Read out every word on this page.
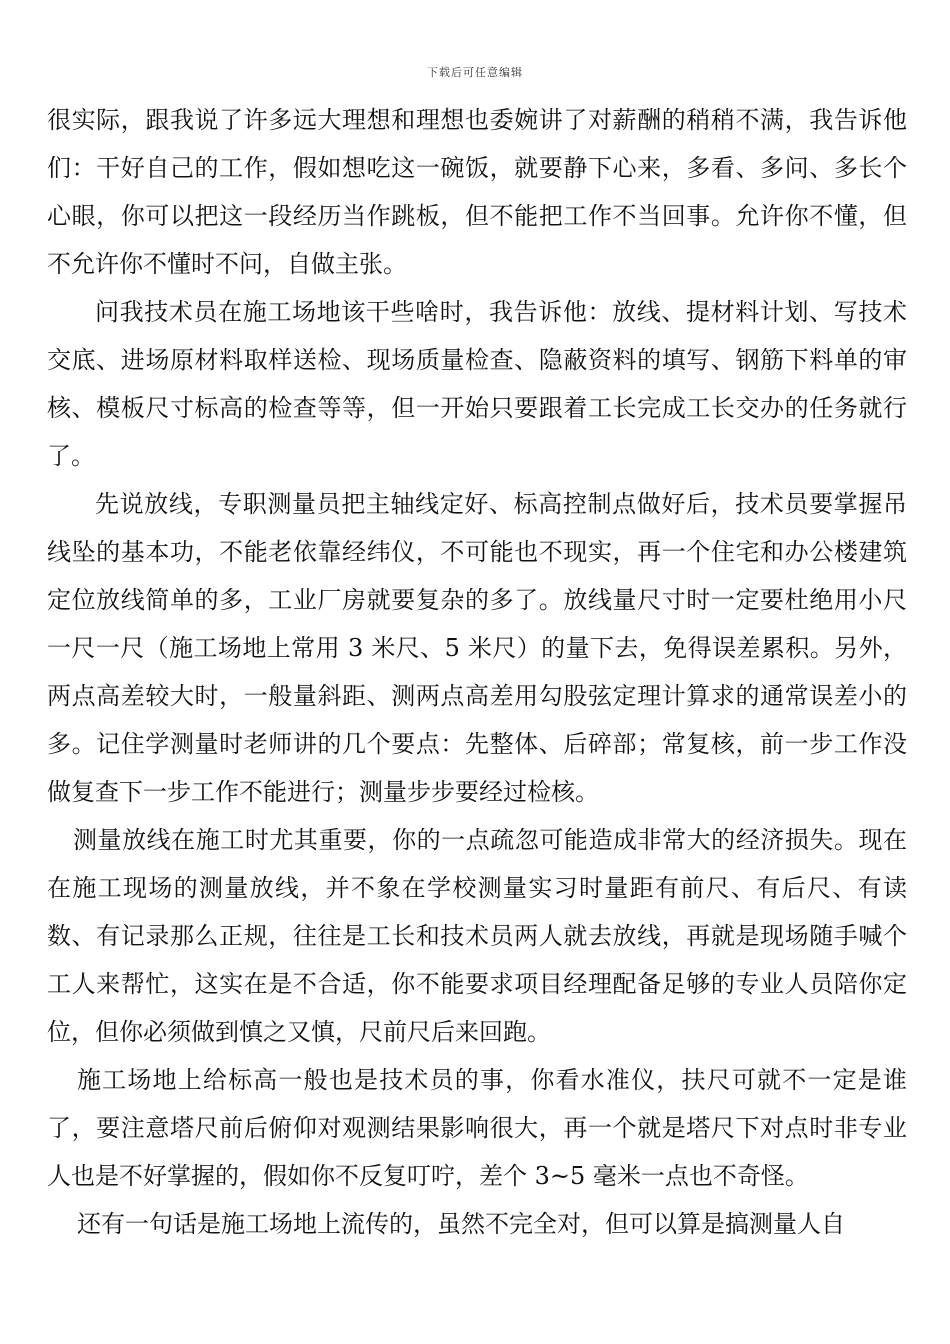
下载后可任意编辑

很实际，跟我说了许多远大理想和理想也委婉讲了对薪酬的稍稍不满，我告诉他们：干好自己的工作，假如想吃这一碗饭，就要静下心来，多看、多问、多长个心眼，你可以把这一段经历当作跳板，但不能把工作不当回事。允许你不懂，但不允许你不懂时不问，自做主张。

问我技术员在施工场地该干些啥时，我告诉他：放线、提材料计划、写技术交底、进场原材料取样送检、现场质量检查、隐蔽资料的填写、钢筋下料单的审核、模板尺寸标高的检查等等，但一开始只要跟着工长完成工长交办的任务就行了。

先说放线，专职测量员把主轴线定好、标高控制点做好后，技术员要掌握吊线坠的基本功，不能老依靠经纬仪，不可能也不现实，再一个住宅和办公楼建筑定位放线简单的多，工业厂房就要复杂的多了。放线量尺寸时一定要杜绝用小尺一尺一尺（施工场地上常用 3 米尺、5 米尺）的量下去，免得误差累积。另外，两点高差较大时，一般量斜距、测两点高差用勾股弦定理计算求的通常误差小的多。记住学测量时老师讲的几个要点：先整体、后碎部；常复核，前一步工作没做复查下一步工作不能进行；测量步步要经过检核。

测量放线在施工时尤其重要，你的一点疏忽可能造成非常大的经济损失。现在在施工现场的测量放线，并不象在学校测量实习时量距有前尺、有后尺、有读数、有记录那么正规，往往是工长和技术员两人就去放线，再就是现场随手喊个工人来帮忙，这实在是不合适，你不能要求项目经理配备足够的专业人员陪你定位，但你必须做到慎之又慎，尺前尺后来回跑。

施工场地上给标高一般也是技术员的事，你看水准仪，扶尺可就不一定是谁了，要注意塔尺前后俯仰对观测结果影响很大，再一个就是塔尺下对点时非专业人也是不好掌握的，假如你不反复叮咛，差个 3~5 毫米一点也不奇怪。

还有一句话是施工场地上流传的，虽然不完全对，但可以算是搞测量人自
